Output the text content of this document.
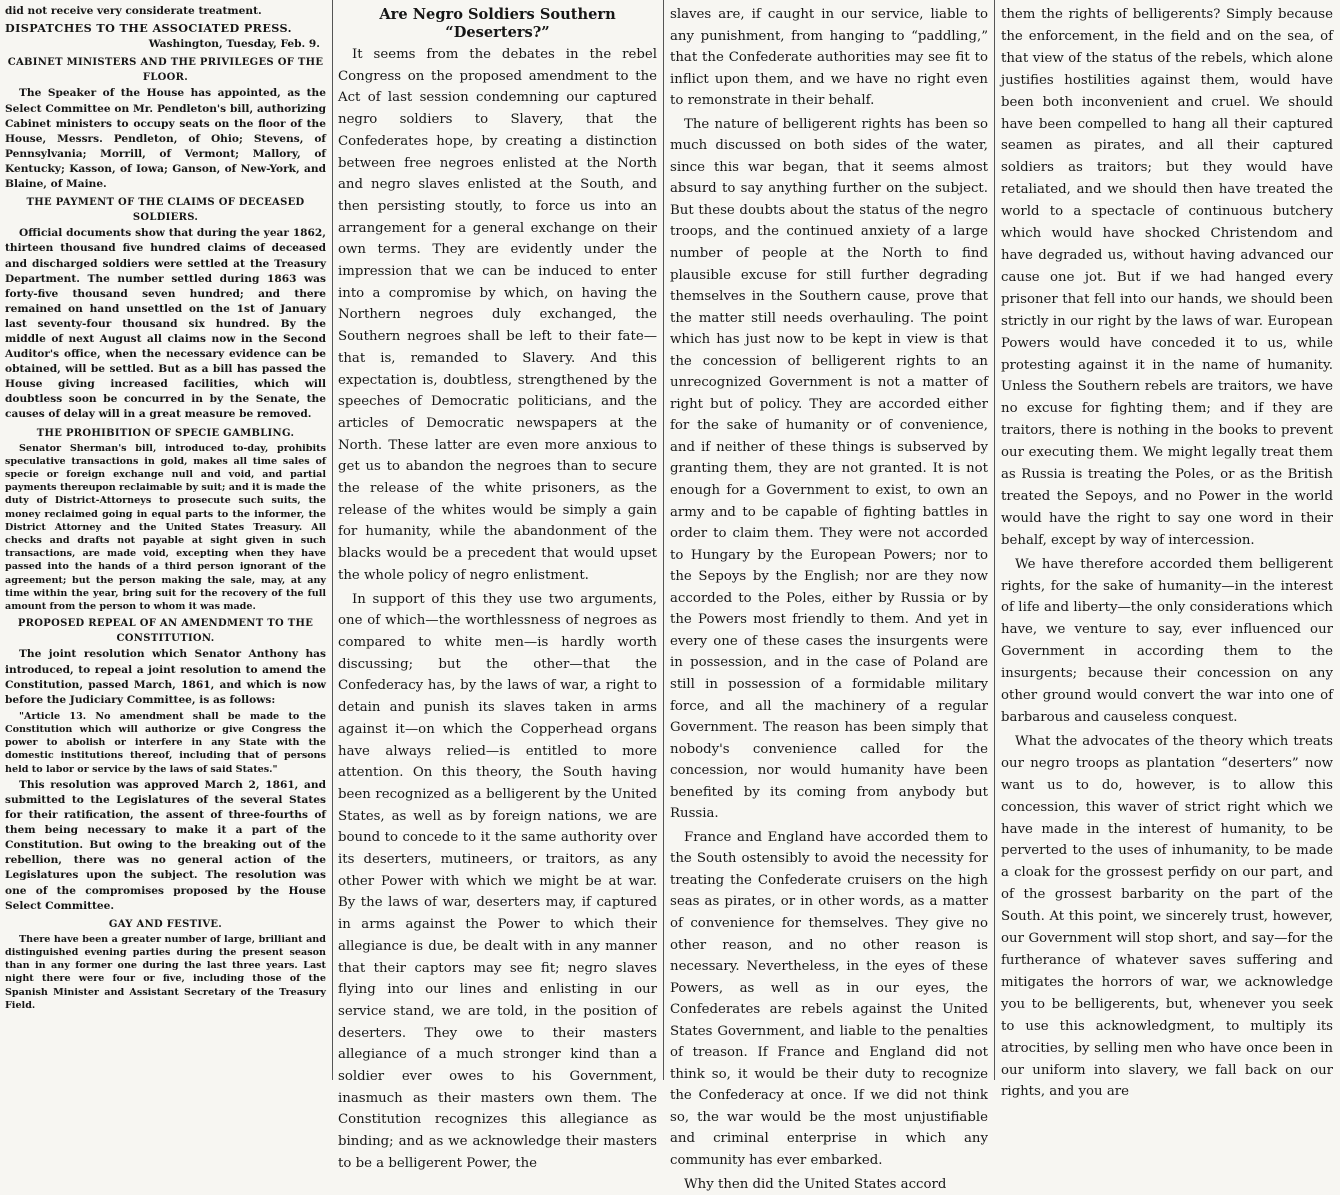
did not receive very considerate treatment.

DISPATCHES TO THE ASSOCIATED PRESS.
Washington, Tuesday, Feb. 9.
CABINET MINISTERS AND THE PRIVILEGES OF THE FLOOR.

The Speaker of the House has appointed, as the Select Committee on Mr. Pendleton's bill, authorizing Cabinet ministers to occupy seats on the floor of the House, Messrs. Pendleton, of Ohio; Stevens, of Pennsylvania; Morrill, of Vermont; Mallory, of Kentucky; Kasson, of Iowa; Ganson, of New-York, and Blaine, of Maine.

THE PAYMENT OF THE CLAIMS OF DECEASED SOLDIERS.

Official documents show that during the year 1862, thirteen thousand five hundred claims of deceased and discharged soldiers were settled at the Treasury Department. The number settled during 1863 was forty-five thousand seven hundred; and there remained on hand unsettled on the 1st of January last seventy-four thousand six hundred. By the middle of next August all claims now in the Second Auditor's office, when the necessary evidence can be obtained, will be settled. But as a bill has passed the House giving increased facilities, which will doubtless soon be concurred in by the Senate, the causes of delay will in a great measure be removed.

THE PROHIBITION OF SPECIE GAMBLING.

Senator Sherman's bill, introduced to-day, prohibits speculative transactions in gold, makes all time sales of specie or foreign exchange null and void, and partial payments thereupon reclaimable by suit; and it is made the duty of District-Attorneys to prosecute such suits, the money reclaimed going in equal parts to the informer, the District Attorney and the United States Treasury. All checks and drafts not payable at sight given in such transactions, are made void, excepting when they have passed into the hands of a third person ignorant of the agreement; but the person making the sale, may, at any time within the year, bring suit for the recovery of the full amount from the person to whom it was made.

PROPOSED REPEAL OF AN AMENDMENT TO THE CONSTITUTION.

The joint resolution which Senator Anthony has introduced, to repeal a joint resolution to amend the Constitution, passed March, 1861, and which is now before the Judiciary Committee, is as follows:

"Article 13. No amendment shall be made to the Constitution which will authorize or give Congress the power to abolish or interfere in any State with the domestic institutions thereof, including that of persons held to labor or service by the laws of said States."

This resolution was approved March 2, 1861, and submitted to the Legislatures of the several States for their ratification, the assent of three-fourths of them being necessary to make it a part of the Constitution. But owing to the breaking out of the rebellion, there was no general action of the Legislatures upon the subject. The resolution was one of the compromises proposed by the House Select Committee.

GAY AND FESTIVE.

There have been a greater number of large, brilliant and distinguished evening parties during the present season than in any former one during the last three years. Last night there were four or five, including those of the Spanish Minister and Assistant Secretary of the Treasury Field.

Are Negro Soldiers Southern “Deserters?”

It seems from the debates in the rebel Congress on the proposed amendment to the Act of last session condemning our captured negro soldiers to Slavery, that the Confederates hope, by creating a distinction between free negroes enlisted at the North and negro slaves enlisted at the South, and then persisting stoutly, to force us into an arrangement for a general exchange on their own terms. They are evidently under the impression that we can be induced to enter into a compromise by which, on having the Northern negroes duly exchanged, the Southern negroes shall be left to their fate—that is, remanded to Slavery. And this expectation is, doubtless, strengthened by the speeches of Democratic politicians, and the articles of Democratic newspapers at the North. These latter are even more anxious to get us to abandon the negroes than to secure the release of the white prisoners, as the release of the whites would be simply a gain for humanity, while the abandonment of the blacks would be a precedent that would upset the whole policy of negro enlistment.

In support of this they use two arguments, one of which—the worthlessness of negroes as compared to white men—is hardly worth discussing; but the other—that the Confederacy has, by the laws of war, a right to detain and punish its slaves taken in arms against it—on which the Copperhead organs have always relied—is entitled to more attention. On this theory, the South having been recognized as a belligerent by the United States, as well as by foreign nations, we are bound to concede to it the same authority over its deserters, mutineers, or traitors, as any other Power with which we might be at war. By the laws of war, deserters may, if captured in arms against the Power to which their allegiance is due, be dealt with in any manner that their captors may see fit; negro slaves flying into our lines and enlisting in our service stand, we are told, in the position of deserters. They owe to their masters allegiance of a much stronger kind than a soldier ever owes to his Government, inasmuch as their masters own them. The Constitution recognizes this allegiance as binding; and as we acknowledge their masters to be a belligerent Power, the

slaves are, if caught in our service, liable to any punishment, from hanging to “paddling,” that the Confederate authorities may see fit to inflict upon them, and we have no right even to remonstrate in their behalf.

The nature of belligerent rights has been so much discussed on both sides of the water, since this war began, that it seems almost absurd to say anything further on the subject. But these doubts about the status of the negro troops, and the continued anxiety of a large number of people at the North to find plausible excuse for still further degrading themselves in the Southern cause, prove that the matter still needs overhauling. The point which has just now to be kept in view is that the concession of belligerent rights to an unrecognized Government is not a matter of right but of policy. They are accorded either for the sake of humanity or of convenience, and if neither of these things is subserved by granting them, they are not granted. It is not enough for a Government to exist, to own an army and to be capable of fighting battles in order to claim them. They were not accorded to Hungary by the European Powers; nor to the Sepoys by the English; nor are they now accorded to the Poles, either by Russia or by the Powers most friendly to them. And yet in every one of these cases the insurgents were in possession, and in the case of Poland are still in possession of a formidable military force, and all the machinery of a regular Government. The reason has been simply that nobody's convenience called for the concession, nor would humanity have been benefited by its coming from anybody but Russia.

France and England have accorded them to the South ostensibly to avoid the necessity for treating the Confederate cruisers on the high seas as pirates, or in other words, as a matter of convenience for themselves. They give no other reason, and no other reason is necessary. Nevertheless, in the eyes of these Powers, as well as in our eyes, the Confederates are rebels against the United States Government, and liable to the penalties of treason. If France and England did not think so, it would be their duty to recognize the Confederacy at once. If we did not think so, the war would be the most unjustifiable and criminal enterprise in which any community has ever embarked.

Why then did the United States accord

them the rights of belligerents? Simply because the enforcement, in the field and on the sea, of that view of the status of the rebels, which alone justifies hostilities against them, would have been both inconvenient and cruel. We should have been compelled to hang all their captured seamen as pirates, and all their captured soldiers as traitors; but they would have retaliated, and we should then have treated the world to a spectacle of continuous butchery which would have shocked Christendom and have degraded us, without having advanced our cause one jot. But if we had hanged every prisoner that fell into our hands, we should been strictly in our right by the laws of war. European Powers would have conceded it to us, while protesting against it in the name of humanity. Unless the Southern rebels are traitors, we have no excuse for fighting them; and if they are traitors, there is nothing in the books to prevent our executing them. We might legally treat them as Russia is treating the Poles, or as the British treated the Sepoys, and no Power in the world would have the right to say one word in their behalf, except by way of intercession.

We have therefore accorded them belligerent rights, for the sake of humanity—in the interest of life and liberty—the only considerations which have, we venture to say, ever influenced our Government in according them to the insurgents; because their concession on any other ground would convert the war into one of barbarous and causeless conquest.

What the advocates of the theory which treats our negro troops as plantation “deserters” now want us to do, however, is to allow this concession, this waver of strict right which we have made in the interest of humanity, to be perverted to the uses of inhumanity, to be made a cloak for the grossest perfidy on our part, and of the grossest barbarity on the part of the South. At this point, we sincerely trust, however, our Government will stop short, and say—for the furtherance of whatever saves suffering and mitigates the horrors of war, we acknowledge you to be belligerents, but, whenever you seek to use this acknowledgment, to multiply its atrocities, by selling men who have once been in our uniform into slavery, we fall back on our rights, and you are
